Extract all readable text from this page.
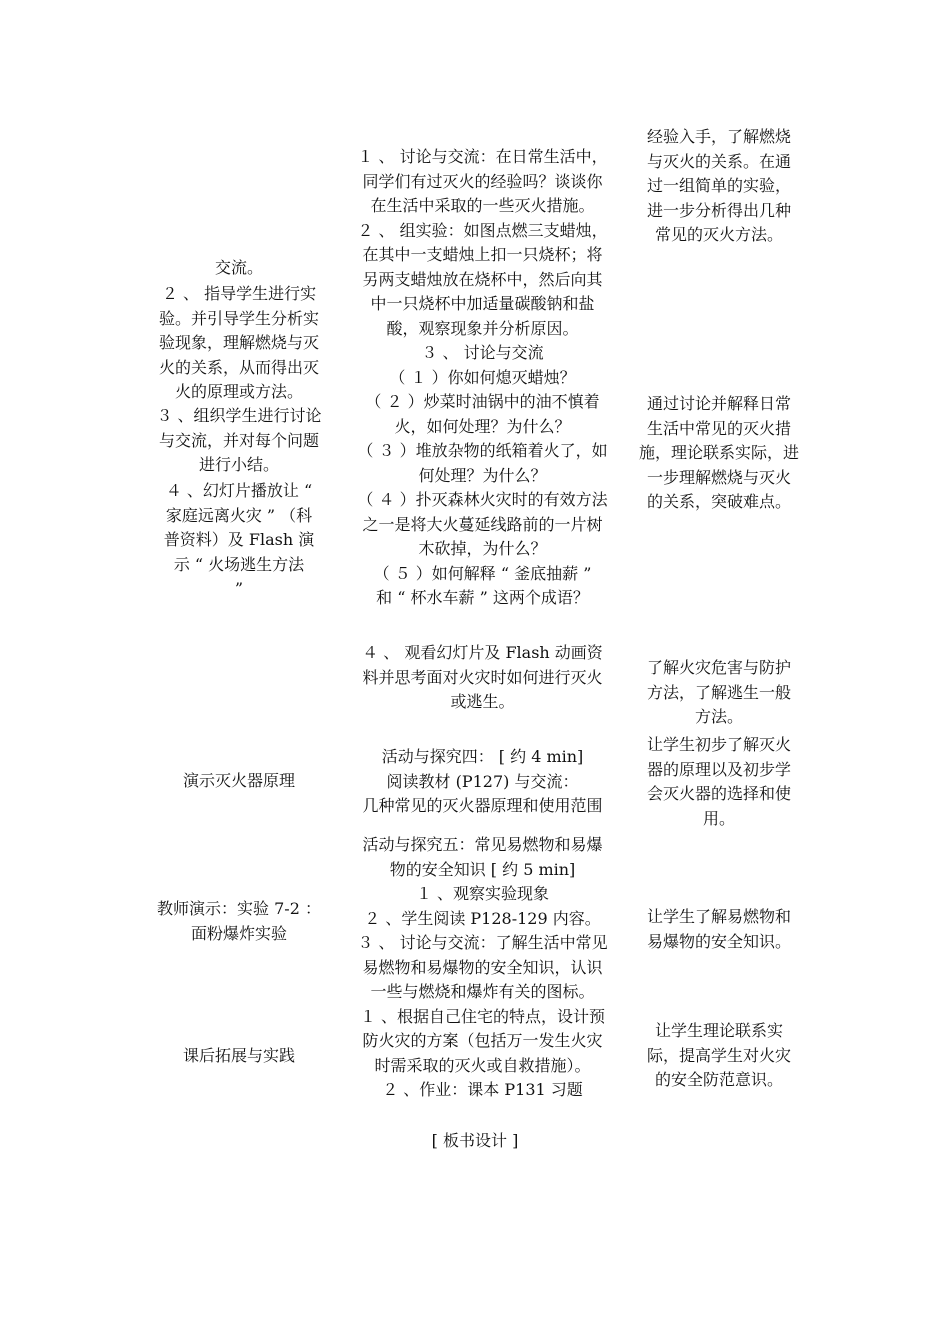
交流。

２ 、 指导学生进行实

验。并引导学生分析实

验现象，理解燃烧与灭

火的关系，从而得出灭

火的原理或方法。

３ 、组织学生进行讨论

与交流，并对每个问题

进行小结。

４ 、幻灯片播放让 “

家庭远离火灾 ” （科

普资料）及 Flash 演

示 “ 火场逃生方法

”

演示灭火器原理

教师演示：实验 7-2 ：

面粉爆炸实验

课后拓展与实践

１ 、 讨论与交流：在日常生活中，

同学们有过灭火的经验吗？谈谈你

在生活中采取的一些灭火措施。

２ 、 组实验：如图点燃三支蜡烛，

在其中一支蜡烛上扣一只烧杯；将

另两支蜡烛放在烧杯中，然后向其

中一只烧杯中加适量碳酸钠和盐

酸，观察现象并分析原因。

３ 、 讨论与交流

（ １ ）你如何熄灭蜡烛？

（ ２ ）炒菜时油锅中的油不慎着

火，如何处理？为什么？

（ ３ ）堆放杂物的纸箱着火了，如

何处理？为什么？

（ ４ ）扑灭森林火灾时的有效方法

之一是将大火蔓延线路前的一片树

木砍掉，为什么？

（ ５ ）如何解释 “ 釜底抽薪 ”

和 “ 杯水车薪 ” 这两个成语？

４ 、 观看幻灯片及 Flash 动画资

料并思考面对火灾时如何进行灭火

或逃生。

活动与探究四： [ 约 4 min]

阅读教材 (P127) 与交流：

几种常见的灭火器原理和使用范围

活动与探究五：常见易燃物和易爆

物的安全知识 [ 约 5 min]

１ 、观察实验现象

２ 、学生阅读 P128-129 内容。

３ 、 讨论与交流：了解生活中常见

易燃物和易爆物的安全知识，认识

一些与燃烧和爆炸有关的图标。

１ 、根据自己住宅的特点，设计预

防火灾的方案（包括万一发生火灾

时需采取的灭火或自救措施）。

２ 、作业：课本 P131 习题

经验入手，了解燃烧

与灭火的关系。在通

过一组简单的实验，

进一步分析得出几种

常见的灭火方法。

通过讨论并解释日常

生活中常见的灭火措

施，理论联系实际，进

一步理解燃烧与灭火

的关系，突破难点。

了解火灾危害与防护

方法，了解逃生一般

方法。

让学生初步了解灭火

器的原理以及初步学

会灭火器的选择和使

用。

让学生了解易燃物和

易爆物的安全知识。

让学生理论联系实

际，提高学生对火灾

的安全防范意识。

[ 板书设计 ]
